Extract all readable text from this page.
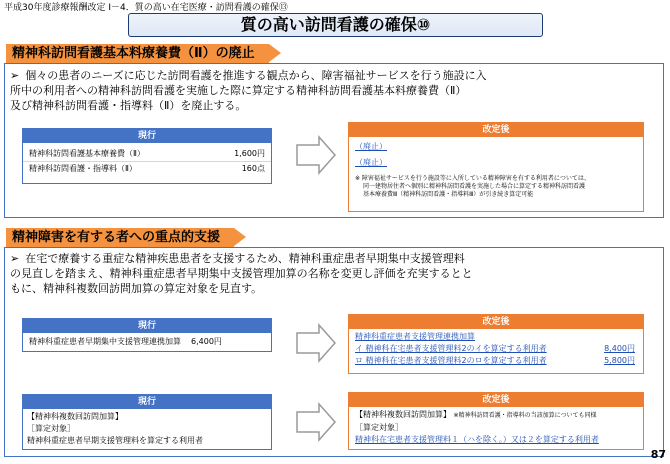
平成30年度診療報酬改定 Ⅰ－4．質の高い在宅医療・訪問看護の確保⑬
質の高い訪問看護の確保⑩
精神科訪問看護基本料療養費（Ⅱ）の廃止
➢ 個々の患者のニーズに応じた訪問看護を推進する観点から、障害福祉サービスを行う施設に入
所中の利用者への精神科訪問看護を実施した際に算定する精神科訪問看護基本料療養費（Ⅱ）
及び精神科訪問看護・指導料（Ⅱ）を廃止する。
現行
精神科訪問看護基本療養費（Ⅱ）	1,600円
精神科訪問看護・指導料（Ⅱ）	160点
改定後
（廃止）
（廃止）
※ 障害福祉サービスを行う施設等に入所している精神障害を有する利用者については、
同一建物居住者へ個別に精神科訪問看護を実施した場合に算定する精神科訪問看護
基本療養費Ⅲ（精神科訪問看護・指導料Ⅲ）が引き続き算定可能
精神障害を有する者への重点的支援
➢ 在宅で療養する重症な精神疾患患者を支援するため、精神科重症患者早期集中支援管理料
の見直しを踏まえ、精神科重症患者早期集中支援管理加算の名称を変更し評価を充実するとと
もに、精神科複数回訪問加算の算定対象を見直す。
現行
精神科重症患者早期集中支援管理連携加算 6,400円
改定後
精神科重症患者支援管理連携加算
イ 精神科在宅患者支援管理料2のイを算定する利用者	8,400円
ロ 精神科在宅患者支援管理料2のロを算定する利用者	5,800円
現行
【精神科複数回訪問加算】
［算定対象］
精神科重症患者早期支援管理料を算定する利用者
改定後
【精神科複数回訪問加算】 ※精神科訪問看護・指導料の当該加算についても同様
［算定対象］
精神科在宅患者支援管理料１（ハを除く。）又は２を算定する利用者
87
